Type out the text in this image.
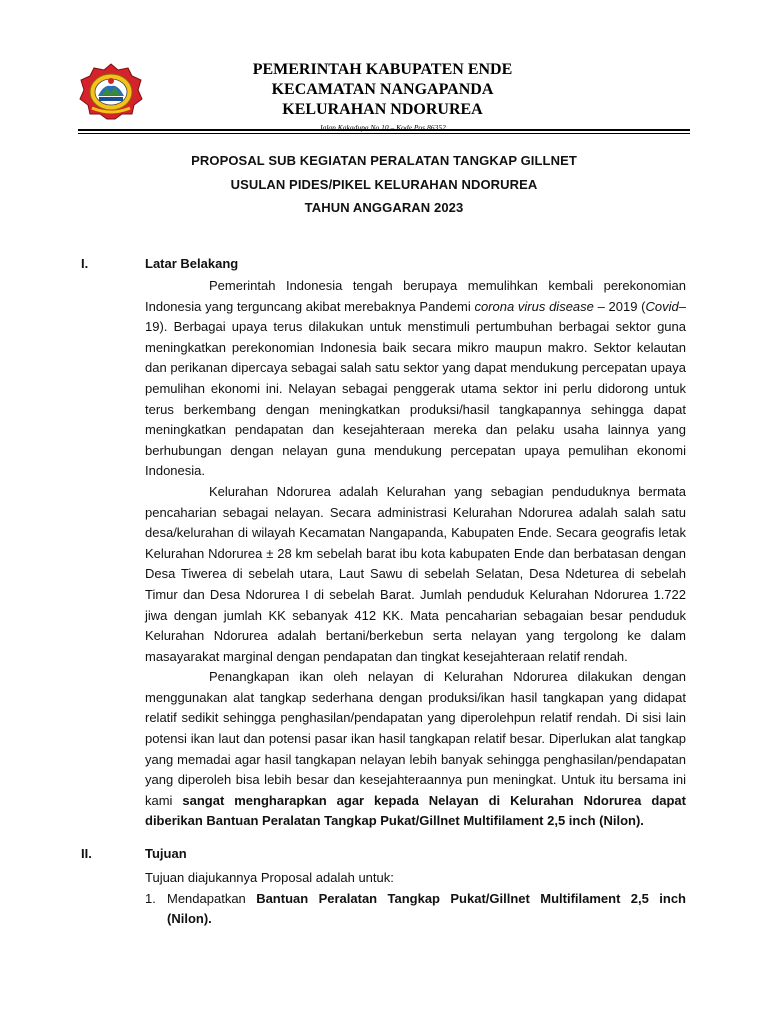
PEMERINTAH KABUPATEN ENDE
KECAMATAN NANGAPANDA
KELURAHAN NDORUREA
Jalan Kakadupa No 10 – Kode Pos 86352
PROPOSAL SUB KEGIATAN PERALATAN TANGKAP GILLNET
USULAN PIDES/PIKEL KELURAHAN NDORUREA
TAHUN ANGGARAN 2023
I.	Latar Belakang

Pemerintah Indonesia tengah berupaya memulihkan kembali perekonomian Indonesia yang terguncang akibat merebaknya Pandemi corona virus disease – 2019 (Covid–19). Berbagai upaya terus dilakukan untuk menstimuli pertumbuhan berbagai sektor guna meningkatkan perekonomian Indonesia baik secara mikro maupun makro. Sektor kelautan dan perikanan dipercaya sebagai salah satu sektor yang dapat mendukung percepatan upaya pemulihan ekonomi ini. Nelayan sebagai penggerak utama sektor ini perlu didorong untuk terus berkembang dengan meningkatkan produksi/hasil tangkapannya sehingga dapat meningkatkan pendapatan dan kesejahteraan mereka dan pelaku usaha lainnya yang berhubungan dengan nelayan guna mendukung percepatan upaya pemulihan ekonomi Indonesia.

Kelurahan Ndorurea adalah Kelurahan yang sebagian penduduknya bermata pencaharian sebagai nelayan. Secara administrasi Kelurahan Ndorurea adalah salah satu desa/kelurahan di wilayah Kecamatan Nangapanda, Kabupaten Ende. Secara geografis letak Kelurahan Ndorurea ± 28 km sebelah barat ibu kota kabupaten Ende dan berbatasan dengan Desa Tiwerea di sebelah utara, Laut Sawu di sebelah Selatan, Desa Ndeturea di sebelah Timur dan Desa Ndorurea I di sebelah Barat. Jumlah penduduk Kelurahan Ndorurea 1.722 jiwa dengan jumlah KK sebanyak 412 KK. Mata pencaharian sebagaian besar penduduk Kelurahan Ndorurea adalah bertani/berkebun serta nelayan yang tergolong ke dalam masayarakat marginal dengan pendapatan dan tingkat kesejahteraan relatif rendah.

Penangkapan ikan oleh nelayan di Kelurahan Ndorurea dilakukan dengan menggunakan alat tangkap sederhana dengan produksi/ikan hasil tangkapan yang didapat relatif sedikit sehingga penghasilan/pendapatan yang diperolehpun relatif rendah. Di sisi lain potensi ikan laut dan potensi pasar ikan hasil tangkapan relatif besar. Diperlukan alat tangkap yang memadai agar hasil tangkapan nelayan lebih banyak sehingga penghasilan/pendapatan yang diperoleh bisa lebih besar dan kesejahteraannya pun meningkat. Untuk itu bersama ini kami sangat mengharapkan agar kepada Nelayan di Kelurahan Ndorurea dapat diberikan Bantuan Peralatan Tangkap Pukat/Gillnet Multifilament 2,5 inch (Nilon).

II.	Tujuan

Tujuan diajukannya Proposal adalah untuk:

1. Mendapatkan Bantuan Peralatan Tangkap Pukat/Gillnet Multifilament 2,5 inch (Nilon).
